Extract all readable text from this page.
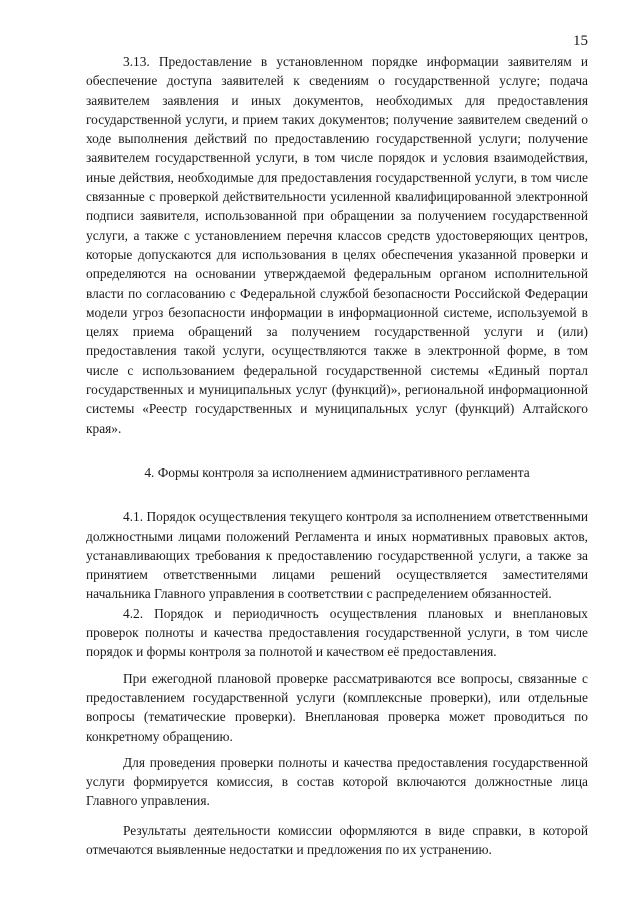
15

3.13. Предоставление в установленном порядке информации заявителям и обеспечение доступа заявителей к сведениям о государственной услуге; подача заявителем заявления и иных документов, необходимых для предоставления государственной услуги, и прием таких документов; получение заявителем сведений о ходе выполнения действий по предоставлению государственной услуги; получение заявителем государственной услуги, в том числе порядок и условия взаимодействия, иные действия, необходимые для предоставления государственной услуги, в том числе связанные с проверкой действительности усиленной квалифицированной электронной подписи заявителя, использованной при обращении за получением государственной услуги, а также с установлением перечня классов средств удостоверяющих центров, которые допускаются для использования в целях обеспечения указанной проверки и определяются на основании утверждаемой федеральным органом исполнительной власти по согласованию с Федеральной службой безопасности Российской Федерации модели угроз безопасности информации в информационной системе, используемой в целях приема обращений за получением государственной услуги и (или) предоставления такой услуги, осуществляются также в электронной форме, в том числе с использованием федеральной государственной системы «Единый портал государственных и муниципальных услуг (функций)», региональной информационной системы «Реестр государственных и муниципальных услуг (функций) Алтайского края».

4. Формы контроля за исполнением административного регламента

4.1. Порядок осуществления текущего контроля за исполнением ответственными должностными лицами положений Регламента и иных нормативных правовых актов, устанавливающих требования к предоставлению государственной услуги, а также за принятием ответственными лицами решений осуществляется заместителями начальника Главного управления в соответствии с распределением обязанностей.

4.2. Порядок и периодичность осуществления плановых и внеплановых проверок полноты и качества предоставления государственной услуги, в том числе порядок и формы контроля за полнотой и качеством её предоставления.

При ежегодной плановой проверке рассматриваются все вопросы, связанные с предоставлением государственной услуги (комплексные проверки), или отдельные вопросы (тематические проверки). Внеплановая проверка может проводиться по конкретному обращению.

Для проведения проверки полноты и качества предоставления государственной услуги формируется комиссия, в состав которой включаются должностные лица Главного управления.

Результаты деятельности комиссии оформляются в виде справки, в которой отмечаются выявленные недостатки и предложения по их устранению.
